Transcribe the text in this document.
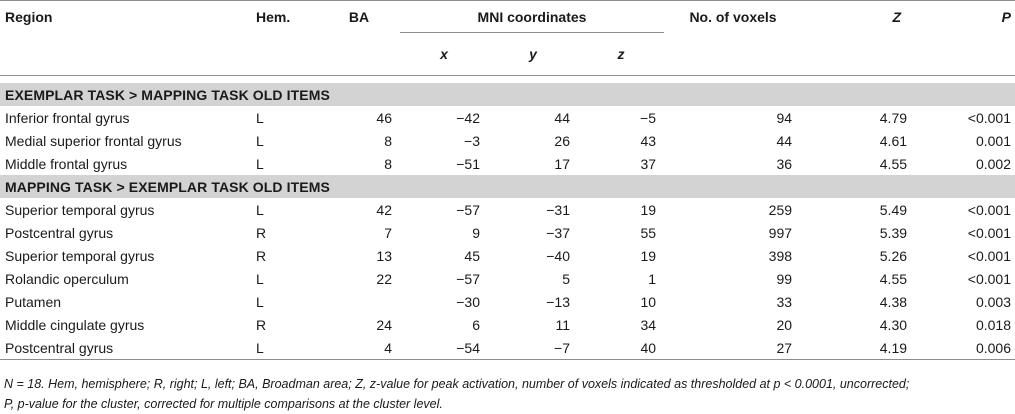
Region	Hem.	BA	MNI coordinates			No. of voxels	Z	P
			x	y	z			

EXEMPLAR TASK > MAPPING TASK OLD ITEMS								
Inferior frontal gyrus	L	46	−42	44	−5	94	4.79	<0.001
Medial superior frontal gyrus	L	8	−3	26	43	44	4.61	0.001
Middle frontal gyrus	L	8	−51	17	37	36	4.55	0.002
MAPPING TASK > EXEMPLAR TASK OLD ITEMS								
Superior temporal gyrus	L	42	−57	−31	19	259	5.49	<0.001
Postcentral gyrus	R	7	9	−37	55	997	5.39	<0.001
Superior temporal gyrus	R	13	45	−40	19	398	5.26	<0.001
Rolandic operculum	L	22	−57	5	1	99	4.55	<0.001
Putamen	L		−30	−13	10	33	4.38	0.003
Middle cingulate gyrus	R	24	6	11	34	20	4.30	0.018
Postcentral gyrus	L	4	−54	−7	40	27	4.19	0.006
N = 18. Hem, hemisphere; R, right; L, left; BA, Broadman area; Z, z-value for peak activation, number of voxels indicated as thresholded at p < 0.0001, uncorrected;
P, p-value for the cluster, corrected for multiple comparisons at the cluster level.
